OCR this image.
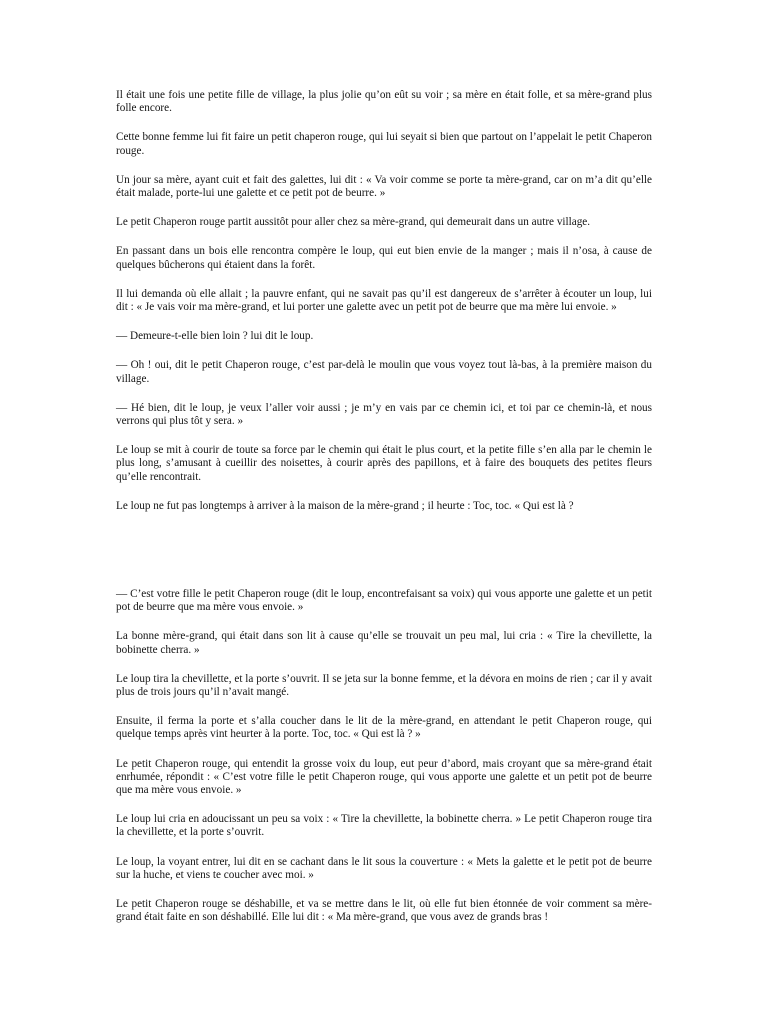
Il était une fois une petite fille de village, la plus jolie qu’on eût su voir ; sa mère en était folle, et sa mère-grand plus folle encore.

Cette bonne femme lui fit faire un petit chaperon rouge, qui lui seyait si bien que partout on l’appelait le petit Chaperon rouge.

Un jour sa mère, ayant cuit et fait des galettes, lui dit : « Va voir comme se porte ta mère-grand, car on m’a dit qu’elle était malade, porte-lui une galette et ce petit pot de beurre. »

Le petit Chaperon rouge partit aussitôt pour aller chez sa mère-grand, qui demeurait dans un autre village.

En passant dans un bois elle rencontra compère le loup, qui eut bien envie de la manger ; mais il n’osa, à cause de quelques bûcherons qui étaient dans la forêt.

Il lui demanda où elle allait ; la pauvre enfant, qui ne savait pas qu’il est dangereux de s’arrêter à écouter un loup, lui dit : « Je vais voir ma mère-grand, et lui porter une galette avec un petit pot de beurre que ma mère lui envoie. »

— Demeure-t-elle bien loin ? lui dit le loup.

— Oh ! oui, dit le petit Chaperon rouge, c’est par-delà le moulin que vous voyez tout là-bas, à la première maison du village.

— Hé bien, dit le loup, je veux l’aller voir aussi ; je m’y en vais par ce chemin ici, et toi par ce chemin-là, et nous verrons qui plus tôt y sera. »

Le loup se mit à courir de toute sa force par le chemin qui était le plus court, et la petite fille s’en alla par le chemin le plus long, s’amusant à cueillir des noisettes, à courir après des papillons, et à faire des bouquets des petites fleurs qu’elle rencontrait.

Le loup ne fut pas longtemps à arriver à la maison de la mère-grand ; il heurte : Toc, toc. « Qui est là ?

— C’est votre fille le petit Chaperon rouge (dit le loup, encontrefaisant sa voix) qui vous apporte une galette et un petit pot de beurre que ma mère vous envoie. »

La bonne mère-grand, qui était dans son lit à cause qu’elle se trouvait un peu mal, lui cria : « Tire la chevillette, la bobinette cherra. »

Le loup tira la chevillette, et la porte s’ouvrit. Il se jeta sur la bonne femme, et la dévora en moins de rien ; car il y avait plus de trois jours qu’il n’avait mangé.

Ensuite, il ferma la porte et s’alla coucher dans le lit de la mère-grand, en attendant le petit Chaperon rouge, qui quelque temps après vint heurter à la porte. Toc, toc. « Qui est là ? »

Le petit Chaperon rouge, qui entendit la grosse voix du loup, eut peur d’abord, mais croyant que sa mère-grand était enrhumée, répondit : « C’est votre fille le petit Chaperon rouge, qui vous apporte une galette et un petit pot de beurre que ma mère vous envoie. »

Le loup lui cria en adoucissant un peu sa voix : « Tire la chevillette, la bobinette cherra. » Le petit Chaperon rouge tira la chevillette, et la porte s’ouvrit.

Le loup, la voyant entrer, lui dit en se cachant dans le lit sous la couverture : « Mets la galette et le petit pot de beurre sur la huche, et viens te coucher avec moi. »

Le petit Chaperon rouge se déshabille, et va se mettre dans le lit, où elle fut bien étonnée de voir comment sa mère-grand était faite en son déshabillé. Elle lui dit : « Ma mère-grand, que vous avez de grands bras !
